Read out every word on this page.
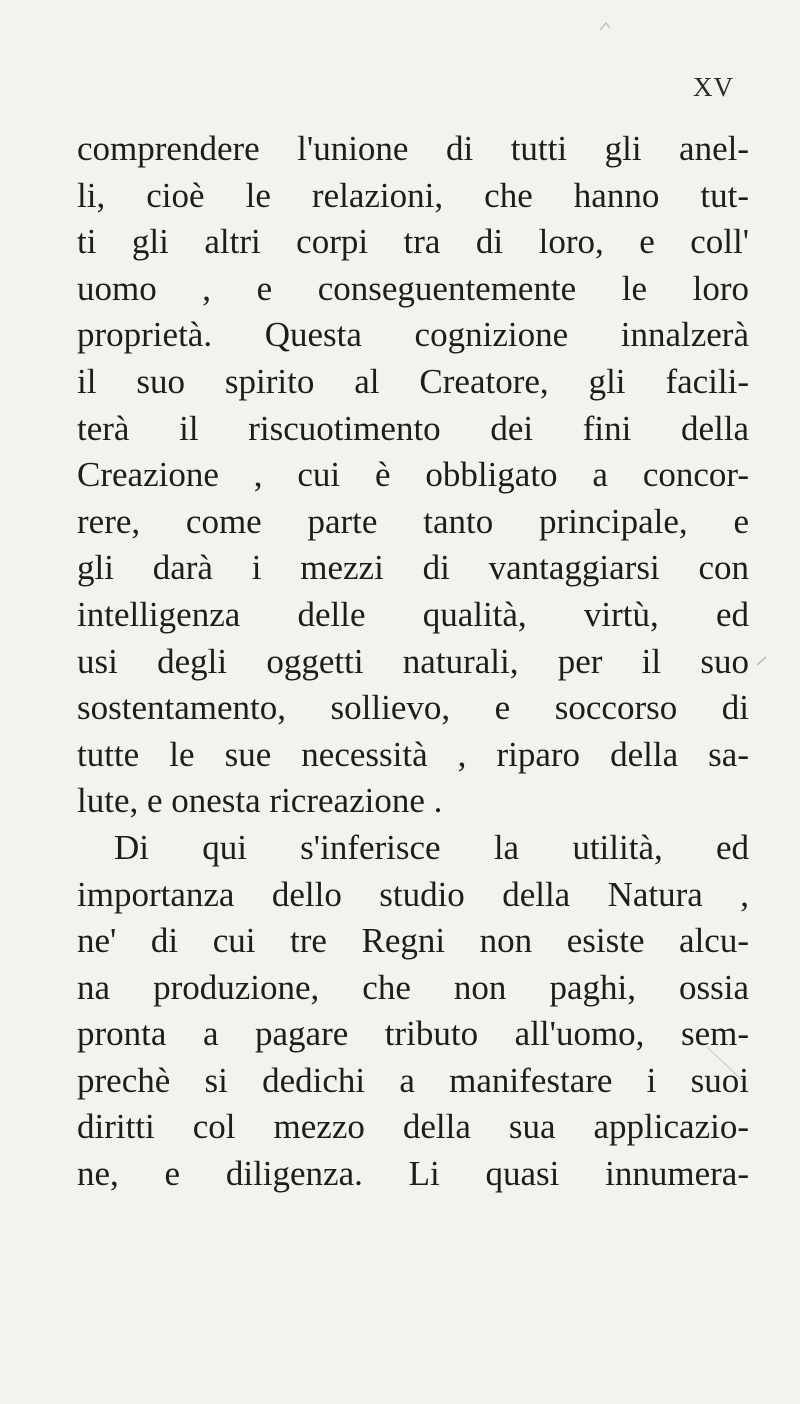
XV
comprendere l'unione di tutti gli anel-
li, cioè le relazioni, che hanno tut-
ti gli altri corpi tra di loro, e coll'
uomo , e conseguentemente le loro
proprietà. Questa cognizione innalzerà
il suo spirito al Creatore, gli facili-
terà il riscuotimento dei fini della
Creazione , cui è obbligato a concor-
rere, come parte tanto principale, e
gli darà i mezzi di vantaggiarsi con
intelligenza delle qualità, virtù, ed
usi degli oggetti naturali, per il suo
sostentamento, sollievo, e soccorso di
tutte le sue necessità , riparo della sa-
lute, e onesta ricreazione .
Di qui s'inferisce la utilità, ed
importanza dello studio della Natura ,
ne' di cui tre Regni non esiste alcu-
na produzione, che non paghi, ossia
pronta a pagare tributo all'uomo, sem-
prechè si dedichi a manifestare i suoi
diritti col mezzo della sua applicazio-
ne, e diligenza. Li quasi innumera-
